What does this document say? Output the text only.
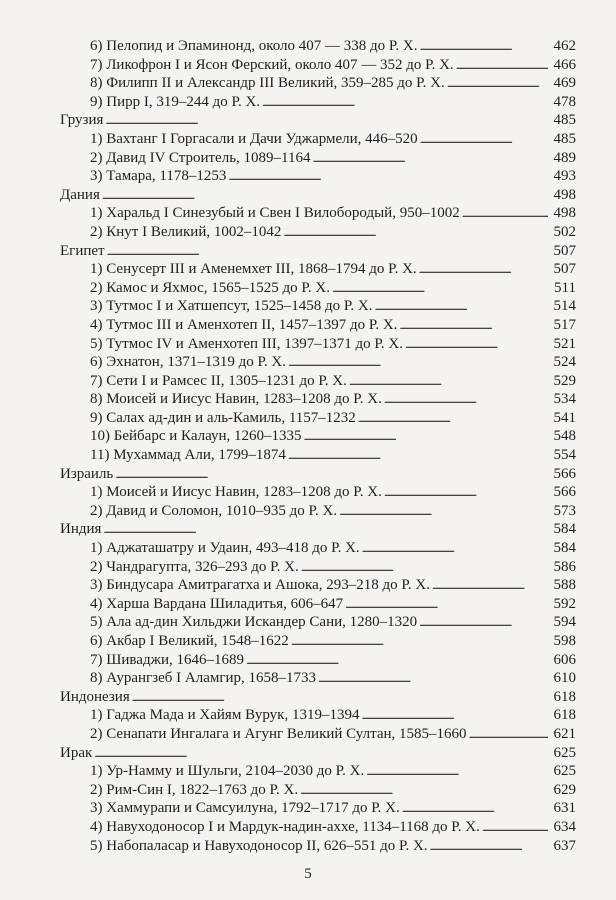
6) Пелопид и Эпаминонд, около 407 — 338 до Р. Х. . . .	462
7) Ликофрон I и Ясон Ферский, около 407 — 352 до Р. Х. . . .	466
8) Филипп II и Александр III Великий, 359–285 до Р. Х. . . .	469
9) Пирр I, 319–244 до Р. Х. . . .	478
Грузия . . .	485
1) Вахтанг I Горгасали и Дачи Уджармели, 446–520 . . .	485
2) Давид IV Строитель, 1089–1164 . . .	489
3) Тамара, 1178–1253 . . .	493
Дания . . .	498
1) Харальд I Синезубый и Свен I Вилобородый, 950–1002 . . .	498
2) Кнут I Великий, 1002–1042 . . .	502
Египет . . .	507
1) Сенусерт III и Аменемхет III, 1868–1794 до Р. Х. . . .	507
2) Камос и Яхмос, 1565–1525 до Р. Х. . . .	511
3) Тутмос I и Хатшепсут, 1525–1458 до Р. Х. . . .	514
4) Тутмос III и Аменхотеп II, 1457–1397 до Р. Х. . . .	517
5) Тутмос IV и Аменхотеп III, 1397–1371 до Р. Х. . . .	521
6) Эхнатон, 1371–1319 до Р. Х. . . .	524
7) Сети I и Рамсес II, 1305–1231 до Р. Х. . . .	529
8) Моисей и Иисус Навин, 1283–1208 до Р. Х. . . .	534
9) Салах ад-дин и аль-Камиль, 1157–1232 . . .	541
10) Бейбарс и Калаун, 1260–1335 . . .	548
11) Мухаммад Али, 1799–1874 . . .	554
Израиль . . .	566
1) Моисей и Иисус Навин, 1283–1208 до Р. Х. . . .	566
2) Давид и Соломон, 1010–935 до Р. Х. . . .	573
Индия . . .	584
1) Аджаташатру и Удаин, 493–418 до Р. Х. . . .	584
2) Чандрагупта, 326–293 до Р. Х. . . .	586
3) Биндусара Амитрагатха и Ашока, 293–218 до Р. Х. . . .	588
4) Харша Вардана Шиладитья, 606–647 . . .	592
5) Ала ад-дин Хильджи Искандер Сани, 1280–1320 . . .	594
6) Акбар I Великий, 1548–1622 . . .	598
7) Шиваджи, 1646–1689 . . .	606
8) Аурангзеб I Аламгир, 1658–1733 . . .	610
Индонезия . . .	618
1) Гаджа Мада и Хайям Вурук, 1319–1394 . . .	618
2) Сенапати Ингалага и Агунг Великий Султан, 1585–1660 . . .	621
Ирак . . .	625
1) Ур-Намму и Шульги, 2104–2030 до Р. Х. . . .	625
2) Рим-Син I, 1822–1763 до Р. Х. . . .	629
3) Хаммурапи и Самсуилуна, 1792–1717 до Р. Х. . . .	631
4) Навуходоносор I и Мардук-надин-аххе, 1134–1168 до Р. Х. . . .	634
5) Набопаласар и Навуходоносор II, 626–551 до Р. Х. . . .	637
5
